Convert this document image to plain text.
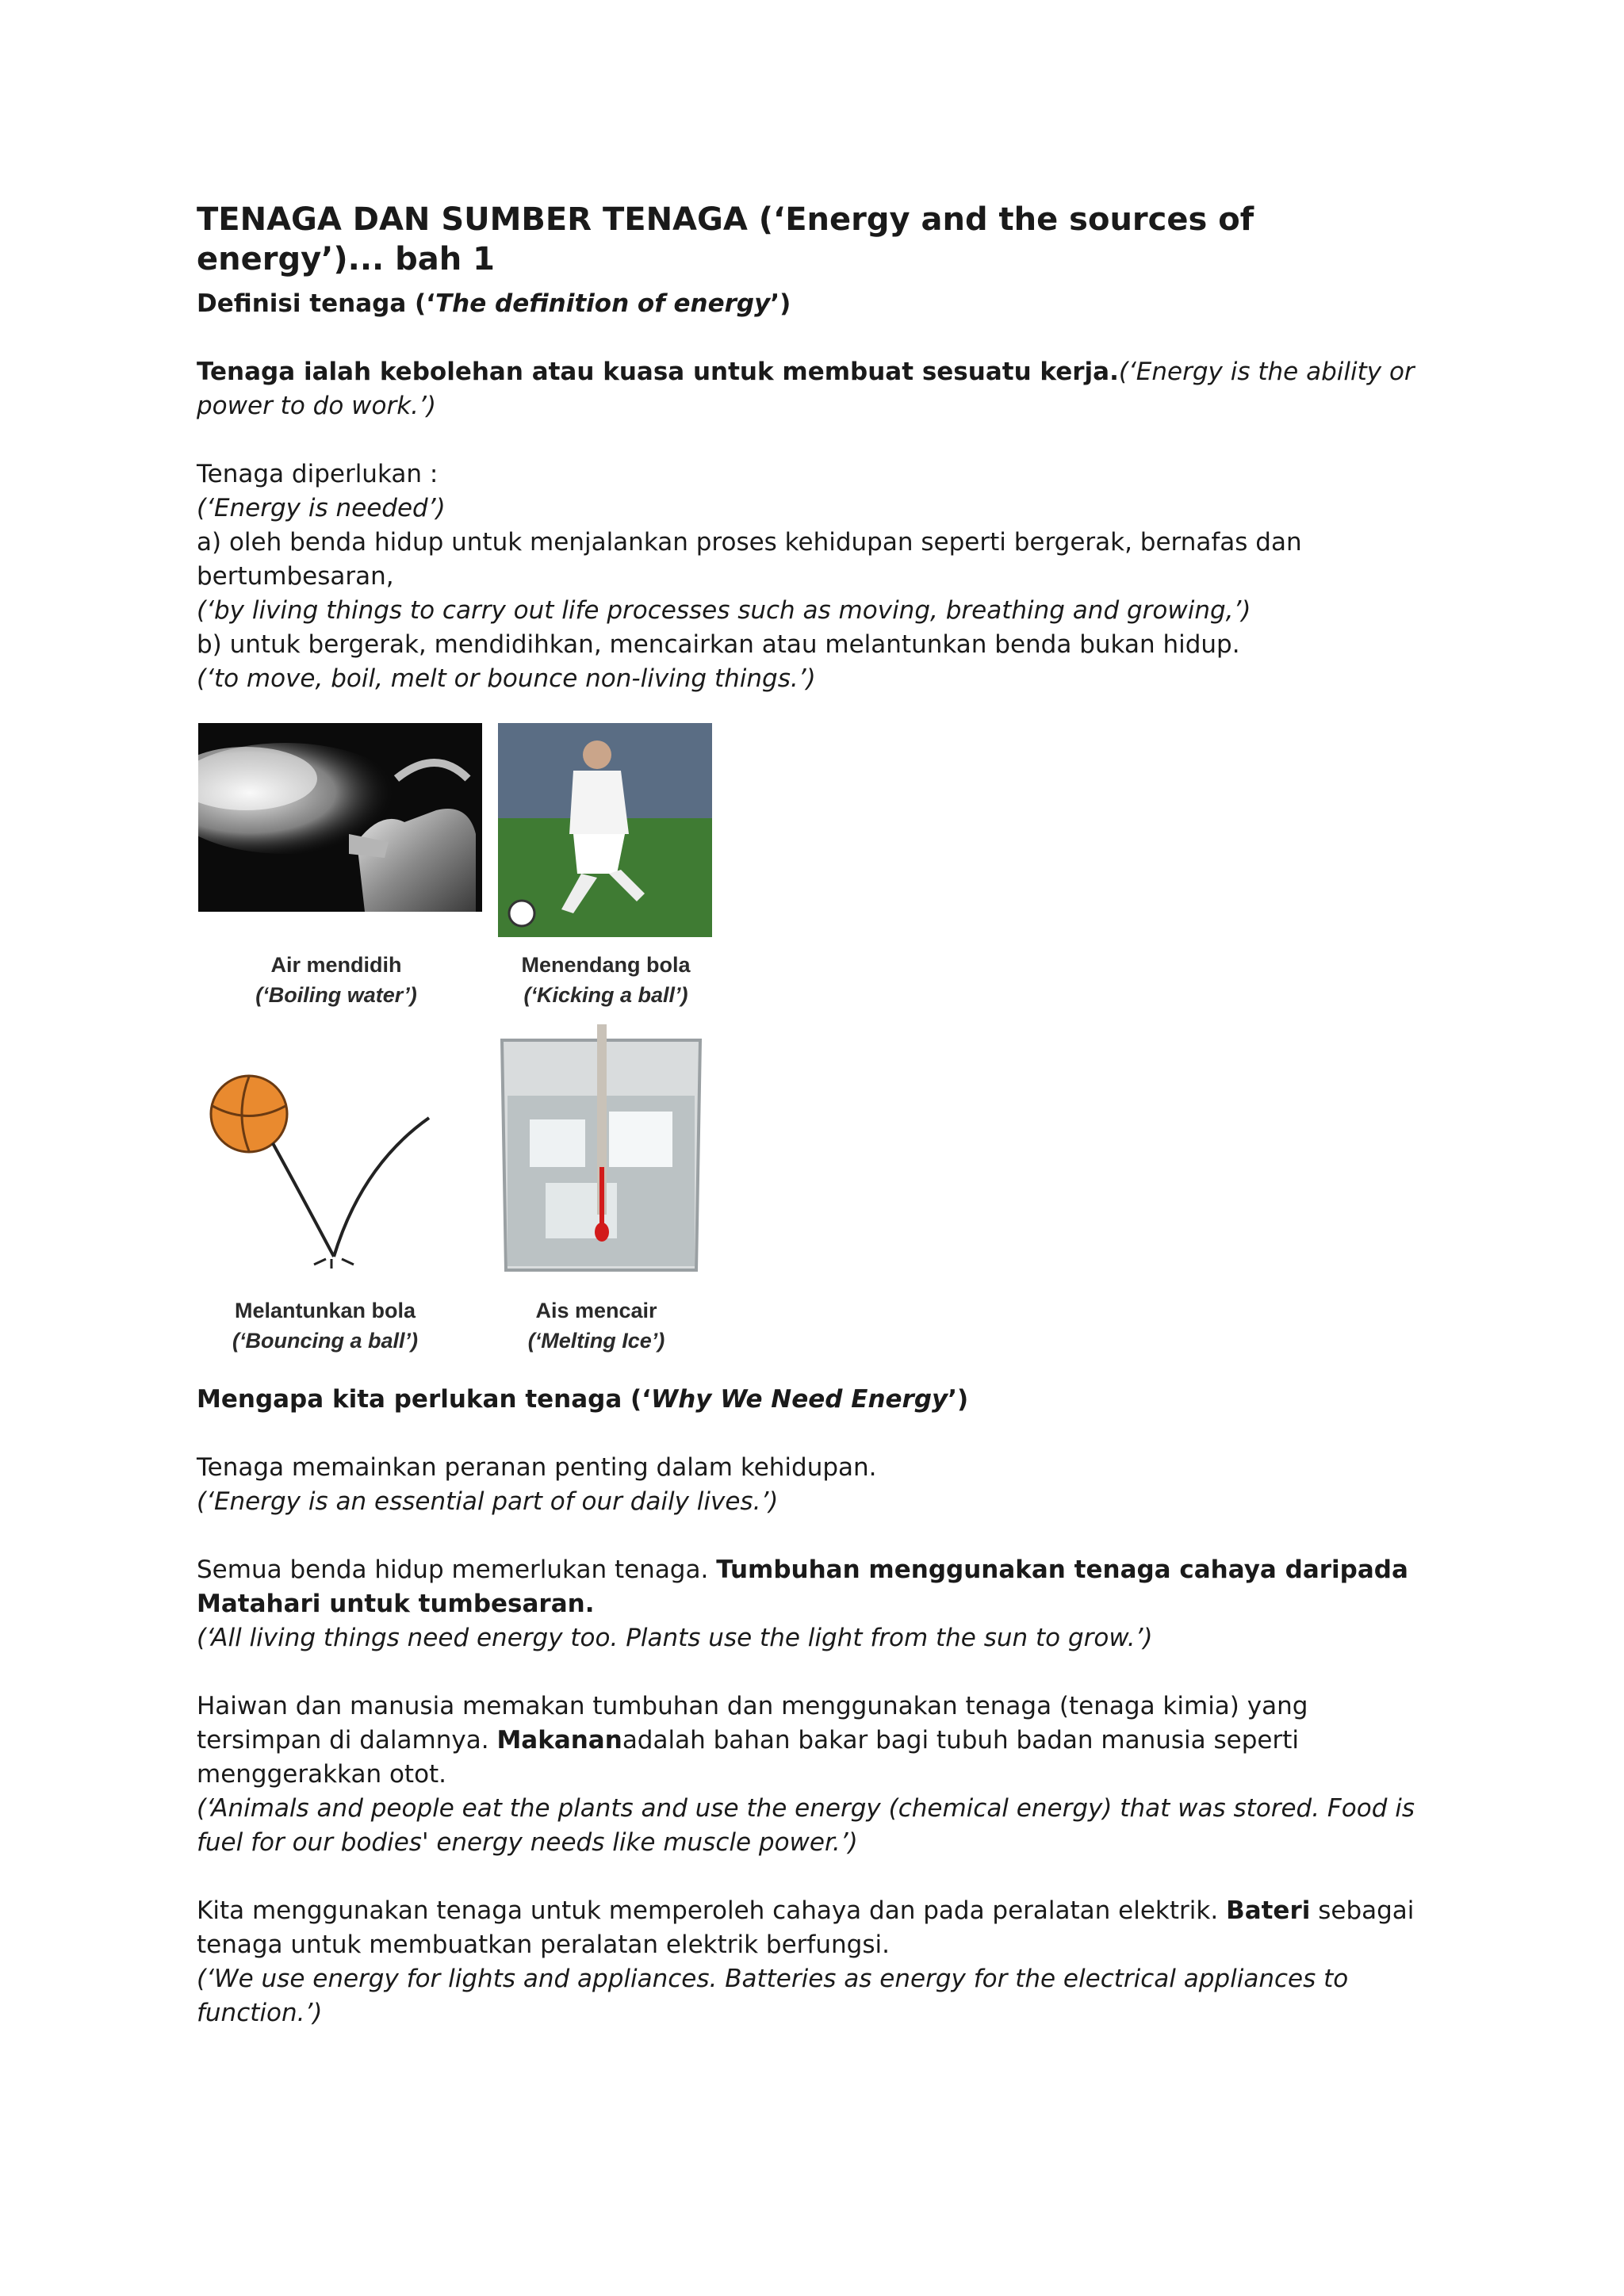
TENAGA DAN SUMBER TENAGA (‘Energy and the sources of energy’)... bah 1

Definisi tenaga (‘The definition of energy’)

Tenaga ialah kebolehan atau kuasa untuk membuat sesuatu kerja.(‘Energy is the ability or power to do work.’)

Tenaga diperlukan :

(‘Energy is needed’)

a) oleh benda hidup untuk menjalankan proses kehidupan seperti bergerak, bernafas dan bertumbesaran,

(‘by living things to carry out life processes such as moving, breathing and growing,’)

b) untuk bergerak, mendidihkan, mencairkan atau melantunkan benda bukan hidup.

(‘to move, boil, melt or bounce non-living things.’)

Air mendidih
(‘Boiling water’)
Menendang bola
(‘Kicking a ball’)
Melantunkan bola
(‘Bouncing a ball’)
Ais mencair
(‘Melting Ice’)

Mengapa kita perlukan tenaga (‘Why We Need Energy’)

Tenaga memainkan peranan penting dalam kehidupan.

(‘Energy is an essential part of our daily lives.’)

Semua benda hidup memerlukan tenaga. Tumbuhan menggunakan tenaga cahaya daripada Matahari untuk tumbesaran.

(‘All living things need energy too. Plants use the light from the sun to grow.’)

Haiwan dan manusia memakan tumbuhan dan menggunakan tenaga (tenaga kimia) yang tersimpan di dalamnya. Makananadalah bahan bakar bagi tubuh badan manusia seperti menggerakkan otot.

(‘Animals and people eat the plants and use the energy (chemical energy) that was stored. Food is fuel for our bodies' energy needs like muscle power.’)

Kita menggunakan tenaga untuk memperoleh cahaya dan pada peralatan elektrik. Bateri sebagai tenaga untuk membuatkan peralatan elektrik berfungsi.

(‘We use energy for lights and appliances. Batteries as energy for the electrical appliances to function.’)
